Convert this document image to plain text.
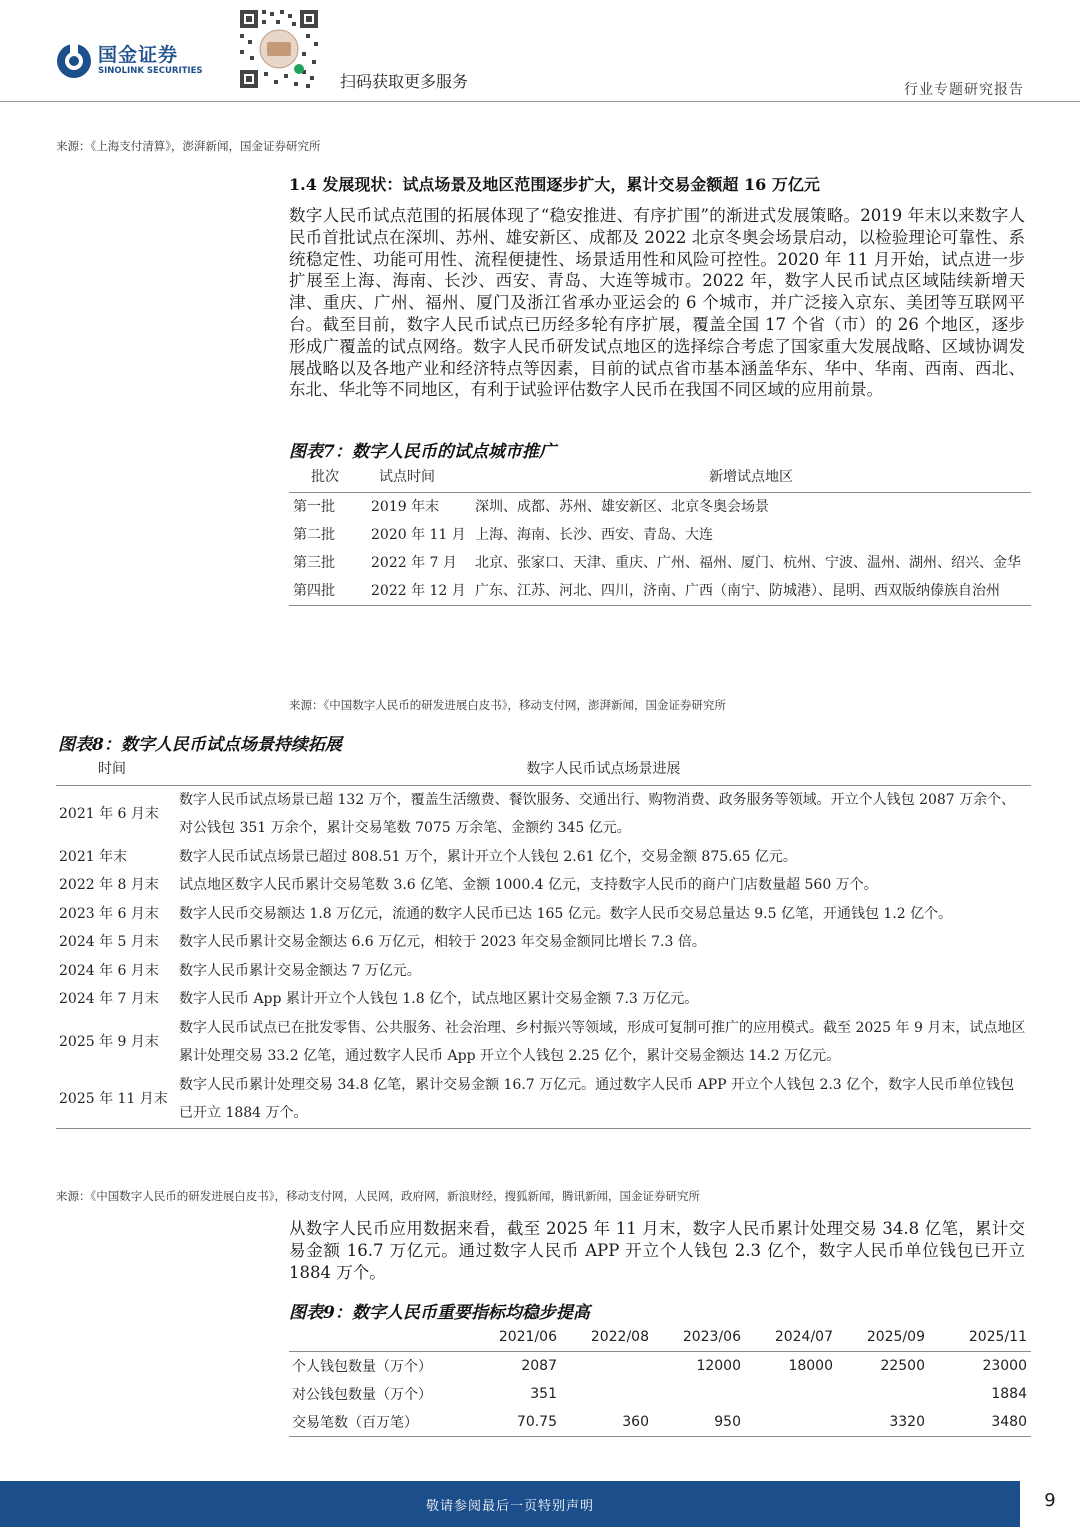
国金证券
SINOLINK SECURITIES
扫码获取更多服务	行业专题研究报告
来源：《上海支付清算》，澎湃新闻，国金证券研究所
1.4 发展现状：试点场景及地区范围逐步扩大，累计交易金额超 16 万亿元
数字人民币试点范围的拓展体现了“稳安推进、有序扩围”的渐进式发展策略。2019 年末以来数字人民币首批试点在深圳、苏州、雄安新区、成都及 2022 北京冬奥会场景启动，以检验理论可靠性、系统稳定性、功能可用性、流程便捷性、场景适用性和风险可控性。2020 年 11 月开始，试点进一步扩展至上海、海南、长沙、西安、青岛、大连等城市。2022 年，数字人民币试点区域陆续新增天津、重庆、广州、福州、厦门及浙江省承办亚运会的 6 个城市，并广泛接入京东、美团等互联网平台。截至目前，数字人民币试点已历经多轮有序扩展，覆盖全国 17 个省（市）的 26 个地区，逐步形成广覆盖的试点网络。数字人民币研发试点地区的选择综合考虑了国家重大发展战略、区域协调发展战略以及各地产业和经济特点等因素，目前的试点省市基本涵盖华东、华中、华南、西南、西北、东北、华北等不同地区，有利于试验评估数字人民币在我国不同区域的应用前景。
图表7：数字人民币的试点城市推广
批次	试点时间	新增试点地区
第一批	2019 年末	深圳、成都、苏州、雄安新区、北京冬奥会场景
第二批	2020 年 11 月	上海、海南、长沙、西安、青岛、大连
第三批	2022 年 7 月	北京、张家口、天津、重庆、广州、福州、厦门、杭州、宁波、温州、湖州、绍兴、金华
第四批	2022 年 12 月	广东、江苏、河北、四川，济南、广西（南宁、防城港）、昆明、西双版纳傣族自治州
来源：《中国数字人民币的研发进展白皮书》，移动支付网，澎湃新闻，国金证券研究所
图表8：数字人民币试点场景持续拓展
时间	数字人民币试点场景进展
2021 年 6 月末	数字人民币试点场景已超 132 万个，覆盖生活缴费、餐饮服务、交通出行、购物消费、政务服务等领域。开立个人钱包 2087 万余个、对公钱包 351 万余个，累计交易笔数 7075 万余笔、金额约 345 亿元。
2021 年末	数字人民币试点场景已超过 808.51 万个，累计开立个人钱包 2.61 亿个，交易金额 875.65 亿元。
2022 年 8 月末	试点地区数字人民币累计交易笔数 3.6 亿笔、金额 1000.4 亿元，支持数字人民币的商户门店数量超 560 万个。
2023 年 6 月末	数字人民币交易额达 1.8 万亿元，流通的数字人民币已达 165 亿元。数字人民币交易总量达 9.5 亿笔，开通钱包 1.2 亿个。
2024 年 5 月末	数字人民币累计交易金额达 6.6 万亿元，相较于 2023 年交易金额同比增长 7.3 倍。
2024 年 6 月末	数字人民币累计交易金额达 7 万亿元。
2024 年 7 月末	数字人民币 App 累计开立个人钱包 1.8 亿个，试点地区累计交易金额 7.3 万亿元。
2025 年 9 月末	数字人民币试点已在批发零售、公共服务、社会治理、乡村振兴等领域，形成可复制可推广的应用模式。截至 2025 年 9 月末，试点地区累计处理交易 33.2 亿笔，通过数字人民币 App 开立个人钱包 2.25 亿个，累计交易金额达 14.2 万亿元。
2025 年 11 月末	数字人民币累计处理交易 34.8 亿笔，累计交易金额 16.7 万亿元。通过数字人民币 APP 开立个人钱包 2.3 亿个，数字人民币单位钱包已开立 1884 万个。
来源：《中国数字人民币的研发进展白皮书》，移动支付网，人民网，政府网，新浪财经，搜狐新闻，腾讯新闻，国金证券研究所
从数字人民币应用数据来看，截至 2025 年 11 月末，数字人民币累计处理交易 34.8 亿笔，累计交易金额 16.7 万亿元。通过数字人民币 APP 开立个人钱包 2.3 亿个，数字人民币单位钱包已开立 1884 万个。
图表9：数字人民币重要指标均稳步提高
	2021/06	2022/08	2023/06	2024/07	2025/09	2025/11
个人钱包数量（万个）	2087		12000	18000	22500	23000
对公钱包数量（万个）	351					1884
交易笔数（百万笔）	70.75	360	950		3320	3480
敬请参阅最后一页特别声明	9
